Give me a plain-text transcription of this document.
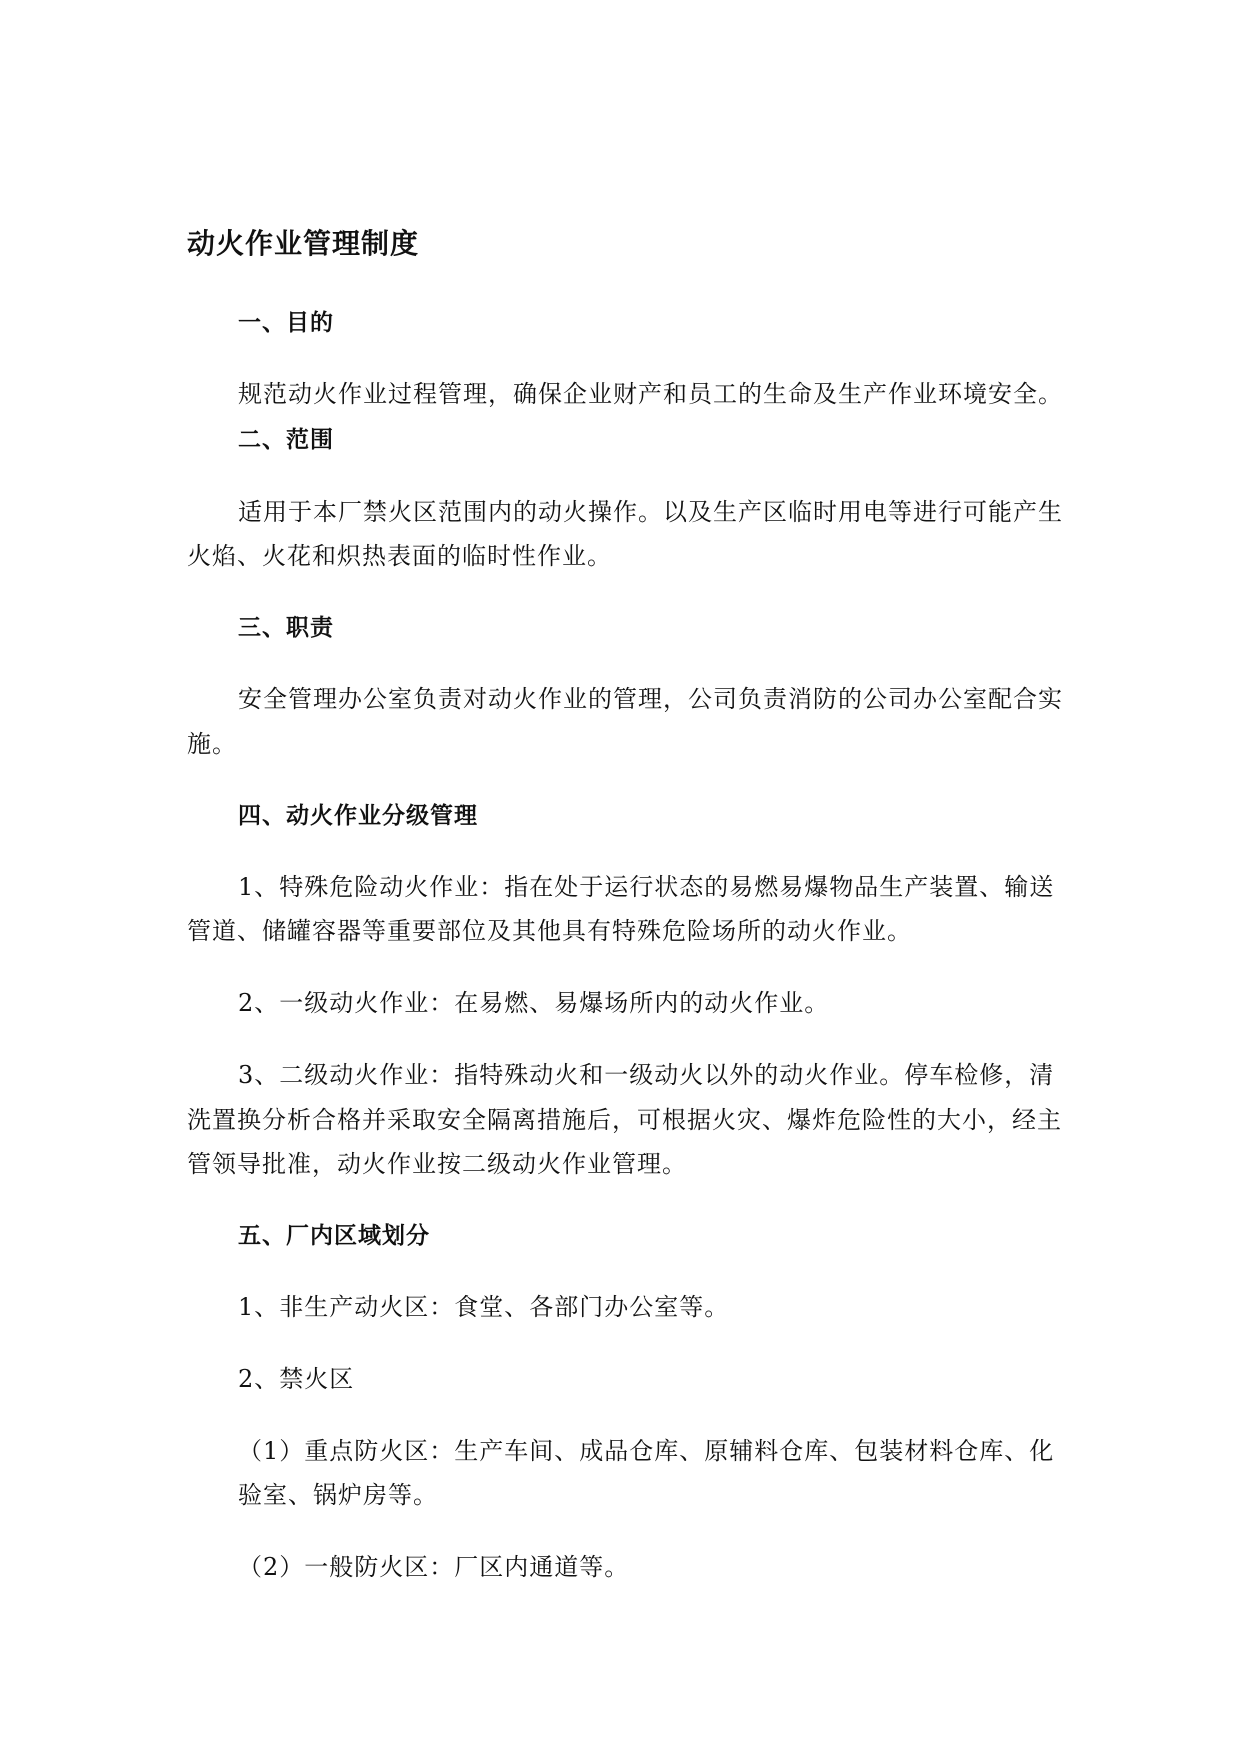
动火作业管理制度
一、目的
规范动火作业过程管理，确保企业财产和员工的生命及生产作业环境安全。
二、范围
适用于本厂禁火区范围内的动火操作。以及生产区临时用电等进行可能产生
火焰、火花和炽热表面的临时性作业。
三、职责
安全管理办公室负责对动火作业的管理，公司负责消防的公司办公室配合实
施。
四、动火作业分级管理
1、特殊危险动火作业：指在处于运行状态的易燃易爆物品生产装置、输送
管道、储罐容器等重要部位及其他具有特殊危险场所的动火作业。
2、一级动火作业：在易燃、易爆场所内的动火作业。
3、二级动火作业：指特殊动火和一级动火以外的动火作业。停车检修，清
洗置换分析合格并采取安全隔离措施后，可根据火灾、爆炸危险性的大小，经主
管领导批准，动火作业按二级动火作业管理。
五、厂内区域划分
1、非生产动火区：食堂、各部门办公室等。
2、禁火区
（1）重点防火区：生产车间、成品仓库、原辅料仓库、包装材料仓库、化
验室、锅炉房等。
（2）一般防火区：厂区内通道等。
